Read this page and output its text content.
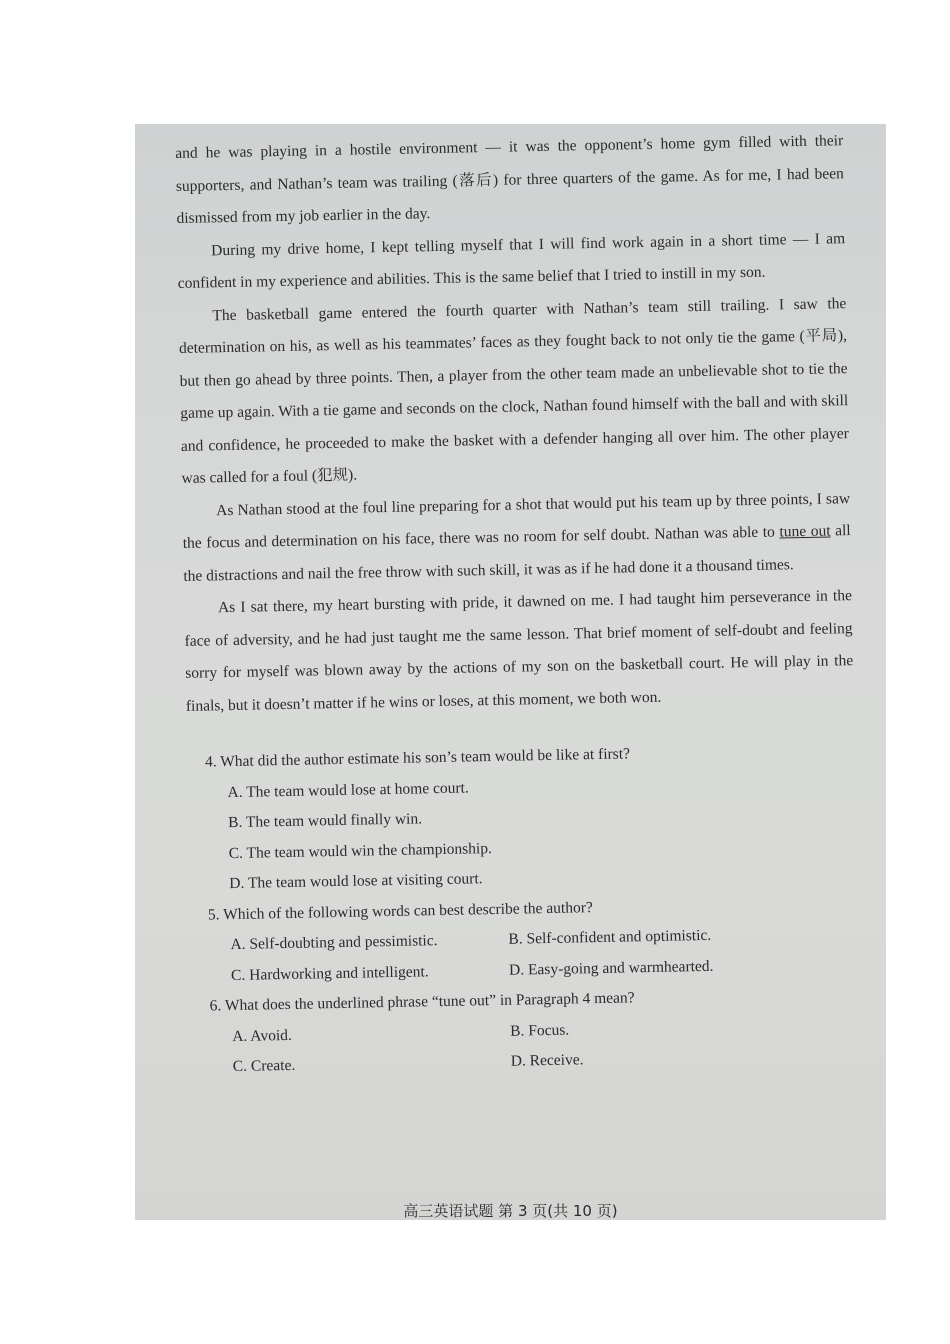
and he was playing in a hostile environment — it was the opponent’s home gym filled with their supporters, and Nathan’s team was trailing (落后) for three quarters of the game. As for me, I had been dismissed from my job earlier in the day.

During my drive home, I kept telling myself that I will find work again in a short time — I am confident in my experience and abilities. This is the same belief that I tried to instill in my son.

The basketball game entered the fourth quarter with Nathan’s team still trailing. I saw the determination on his, as well as his teammates’ faces as they fought back to not only tie the game (平局), but then go ahead by three points. Then, a player from the other team made an unbelievable shot to tie the game up again. With a tie game and seconds on the clock, Nathan found himself with the ball and with skill and confidence, he proceeded to make the basket with a defender hanging all over him. The other player was called for a foul (犯规).

As Nathan stood at the foul line preparing for a shot that would put his team up by three points, I saw the focus and determination on his face, there was no room for self doubt. Nathan was able to tune out all the distractions and nail the free throw with such skill, it was as if he had done it a thousand times.

As I sat there, my heart bursting with pride, it dawned on me. I had taught him perseverance in the face of adversity, and he had just taught me the same lesson. That brief moment of self-doubt and feeling sorry for myself was blown away by the actions of my son on the basketball court. He will play in the finals, but it doesn’t matter if he wins or loses, at this moment, we both won.

4. What did the author estimate his son’s team would be like at first?

A. The team would lose at home court.

B. The team would finally win.

C. The team would win the championship.

D. The team would lose at visiting court.

5. Which of the following words can best describe the author?

A. Self-doubting and pessimistic.	B. Self-confident and optimistic.
C. Hardworking and intelligent.	D. Easy-going and warmhearted.

6. What does the underlined phrase “tune out” in Paragraph 4 mean?

A. Avoid.	B. Focus.
C. Create.	D. Receive.
高三英语试题 第 3 页(共 10 页)
